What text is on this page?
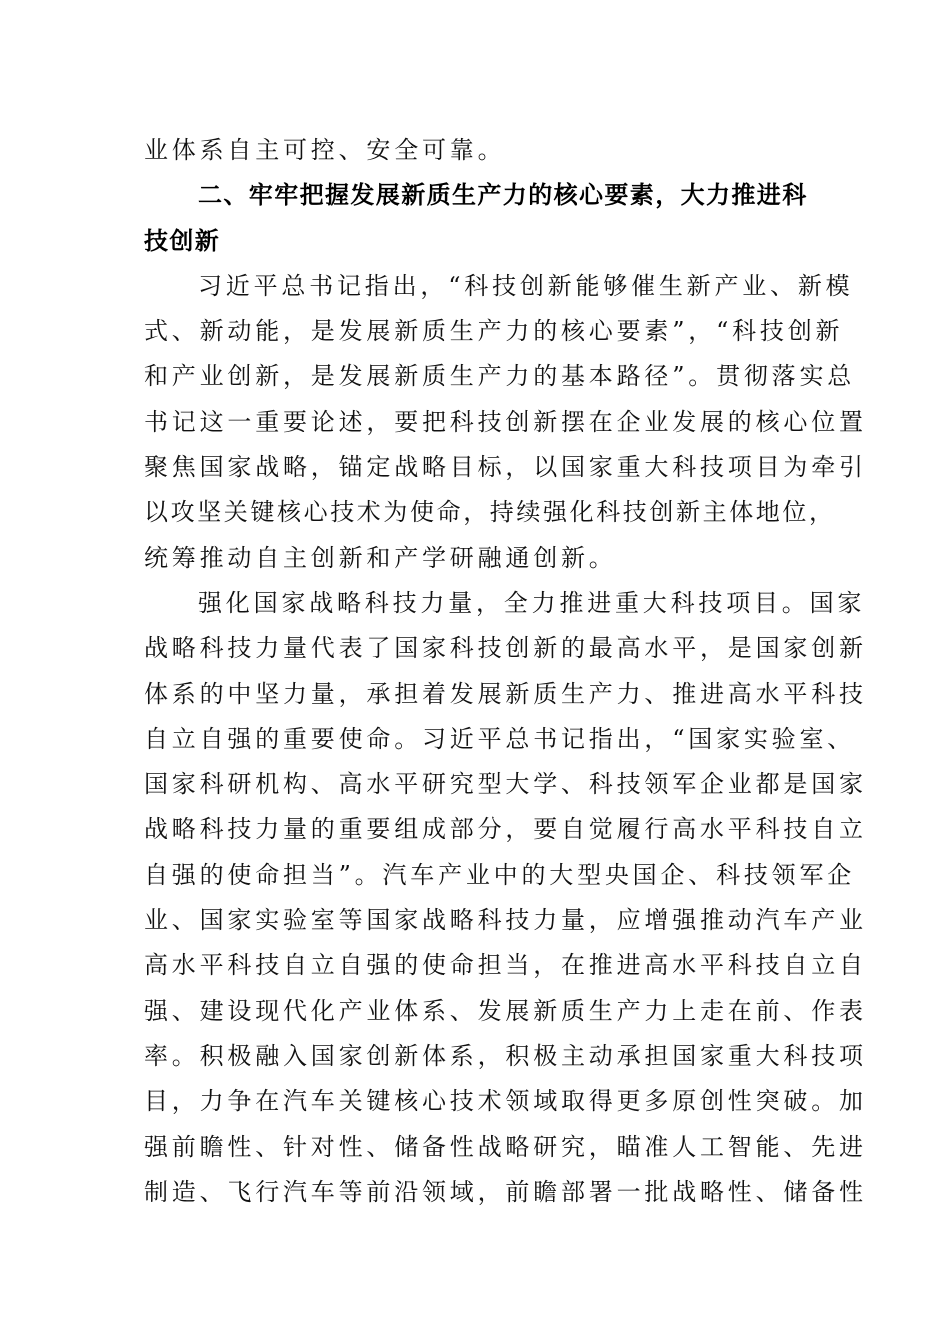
业体系自主可控、安全可靠。
二、牢牢把握发展新质生产力的核心要素，大力推进科
技创新
习近平总书记指出，“科技创新能够催生新产业、新模
式、新动能，是发展新质生产力的核心要素”，“科技创新
和产业创新，是发展新质生产力的基本路径”。贯彻落实总
书记这一重要论述，要把科技创新摆在企业发展的核心位置
聚焦国家战略，锚定战略目标，以国家重大科技项目为牵引
以攻坚关键核心技术为使命，持续强化科技创新主体地位，
统筹推动自主创新和产学研融通创新。
强化国家战略科技力量，全力推进重大科技项目。国家
战略科技力量代表了国家科技创新的最高水平，是国家创新
体系的中坚力量，承担着发展新质生产力、推进高水平科技
自立自强的重要使命。习近平总书记指出，“国家实验室、
国家科研机构、高水平研究型大学、科技领军企业都是国家
战略科技力量的重要组成部分，要自觉履行高水平科技自立
自强的使命担当”。汽车产业中的大型央国企、科技领军企
业、国家实验室等国家战略科技力量，应增强推动汽车产业
高水平科技自立自强的使命担当，在推进高水平科技自立自
强、建设现代化产业体系、发展新质生产力上走在前、作表
率。积极融入国家创新体系，积极主动承担国家重大科技项
目，力争在汽车关键核心技术领域取得更多原创性突破。加
强前瞻性、针对性、储备性战略研究，瞄准人工智能、先进
制造、飞行汽车等前沿领域，前瞻部署一批战略性、储备性
